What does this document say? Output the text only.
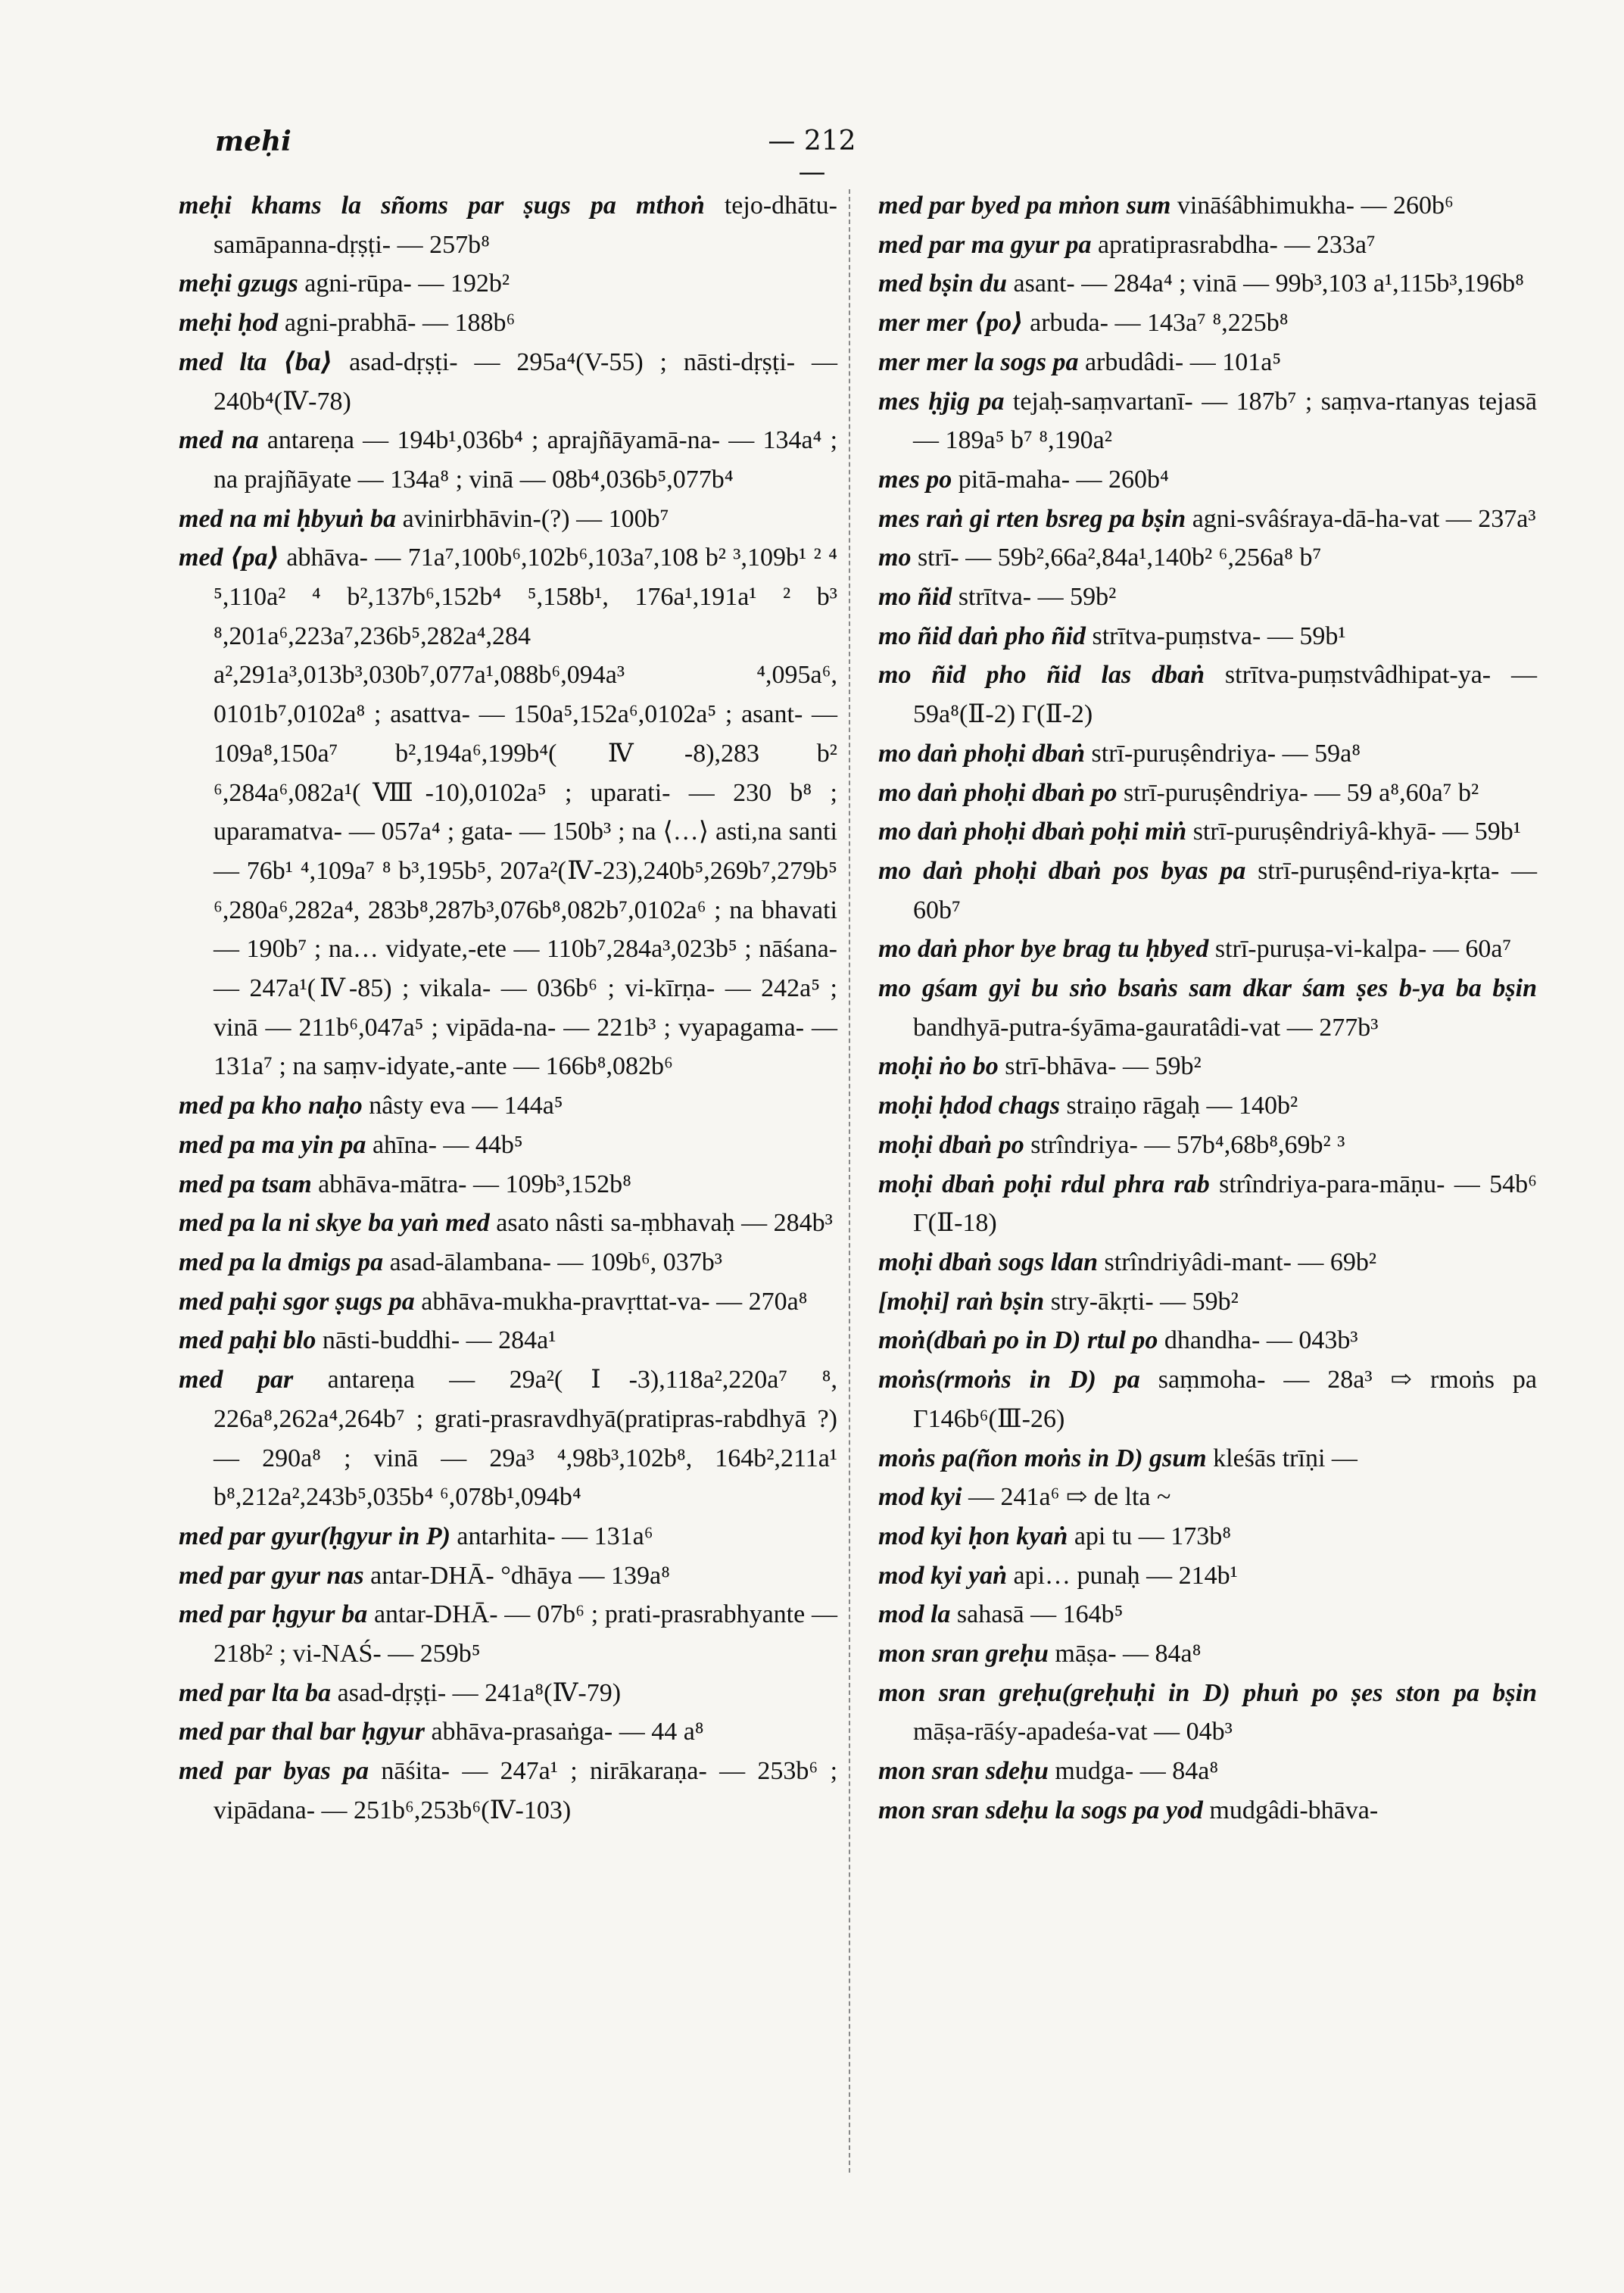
meḥi	— 212 —
meḥi khams la sñoms par ṣugs pa mthoṅ tejo-dhātu-samāpanna-dṛṣṭi- — 257b⁸
meḥi gzugs agni-rūpa- — 192b²
meḥi ḥod agni-prabhā- — 188b⁶
med lta ⟨ba⟩ asad-dṛṣṭi- — 295a⁴(V-55) ; nāsti-dṛṣṭi- — 240b⁴(Ⅳ-78)
med na antareṇa — 194b¹,036b⁴ ; aprajñāyamā-na- — 134a⁴ ; na prajñāyate — 134a⁸ ; vinā — 08b⁴,036b⁵,077b⁴
med na mi ḥbyuṅ ba avinirbhāvin-(?) — 100b⁷
med ⟨pa⟩ abhāva- — 71a⁷,100b⁶,102b⁶,103a⁷,108 b² ³,109b¹ ² ⁴ ⁵,110a² ⁴ b²,137b⁶,152b⁴ ⁵,158b¹, 176a¹,191a¹ ² b³ ⁸,201a⁶,223a⁷,236b⁵,282a⁴,284 a²,291a³,013b³,030b⁷,077a¹,088b⁶,094a³ ⁴,095a⁶, 0101b⁷,0102a⁸ ; asattva- — 150a⁵,152a⁶,0102a⁵ ; asant- — 109a⁸,150a⁷ b²,194a⁶,199b⁴(Ⅳ-8),283 b² ⁶,284a⁶,082a¹(Ⅷ-10),0102a⁵ ; uparati- — 230 b⁸ ; uparamatva- — 057a⁴ ; gata- — 150b³ ; na ⟨…⟩ asti,na santi — 76b¹ ⁴,109a⁷ ⁸ b³,195b⁵, 207a²(Ⅳ-23),240b⁵,269b⁷,279b⁵ ⁶,280a⁶,282a⁴, 283b⁸,287b³,076b⁸,082b⁷,0102a⁶ ; na bhavati — 190b⁷ ; na… vidyate,-ete — 110b⁷,284a³,023b⁵ ; nāśana- — 247a¹(Ⅳ-85) ; vikala- — 036b⁶ ; vi-kīrṇa- — 242a⁵ ; vinā — 211b⁶,047a⁵ ; vipāda-na- — 221b³ ; vyapagama- — 131a⁷ ; na saṃv-idyate,-ante — 166b⁸,082b⁶
med pa kho naḥo nâsty eva — 144a⁵
med pa ma yin pa ahīna- — 44b⁵
med pa tsam abhāva-mātra- — 109b³,152b⁸
med pa la ni skye ba yaṅ med asato nâsti sa-ṃbhavaḥ — 284b³
med pa la dmigs pa asad-ālambana- — 109b⁶, 037b³
med paḥi sgor ṣugs pa abhāva-mukha-pravṛttat-va- — 270a⁸
med paḥi blo nāsti-buddhi- — 284a¹
med par antareṇa — 29a²(Ⅰ-3),118a²,220a⁷ ⁸, 226a⁸,262a⁴,264b⁷ ; grati-prasravdhyā(pratipras-rabdhyā ?) — 290a⁸ ; vinā — 29a³ ⁴,98b³,102b⁸, 164b²,211a¹ b⁸,212a²,243b⁵,035b⁴ ⁶,078b¹,094b⁴
med par gyur(ḥgyur in P) antarhita- — 131a⁶
med par gyur nas antar-DHĀ- °dhāya — 139a⁸
med par ḥgyur ba antar-DHĀ- — 07b⁶ ; prati-prasrabhyante — 218b² ; vi-NAŚ- — 259b⁵
med par lta ba asad-dṛṣṭi- — 241a⁸(Ⅳ-79)
med par thal bar ḥgyur abhāva-prasaṅga- — 44 a⁸
med par byas pa nāśita- — 247a¹ ; nirākaraṇa- — 253b⁶ ; vipādana- — 251b⁶,253b⁶(Ⅳ-103)
med par byed pa mṅon sum vināśâbhimukha- — 260b⁶
med par ma gyur pa apratiprasrabdha- — 233a⁷
med bṣin du asant- — 284a⁴ ; vinā — 99b³,103 a¹,115b³,196b⁸
mer mer ⟨po⟩ arbuda- — 143a⁷ ⁸,225b⁸
mer mer la sogs pa arbudâdi- — 101a⁵
mes ḥjig pa tejaḥ-saṃvartanī- — 187b⁷ ; saṃva-rtanyas tejasā — 189a⁵ b⁷ ⁸,190a²
mes po pitā-maha- — 260b⁴
mes raṅ gi rten bsreg pa bṣin agni-svâśraya-dā-ha-vat — 237a³
mo strī- — 59b²,66a²,84a¹,140b² ⁶,256a⁸ b⁷
mo ñid strītva- — 59b²
mo ñid daṅ pho ñid strītva-puṃstva- — 59b¹
mo ñid pho ñid las dbaṅ strītva-puṃstvâdhipat-ya- — 59a⁸(Ⅱ-2) Γ(Ⅱ-2)
mo daṅ phoḥi dbaṅ strī-puruṣêndriya- — 59a⁸
mo daṅ phoḥi dbaṅ po strī-puruṣêndriya- — 59 a⁸,60a⁷ b²
mo daṅ phoḥi dbaṅ poḥi miṅ strī-puruṣêndriyâ-khyā- — 59b¹
mo daṅ phoḥi dbaṅ pos byas pa strī-puruṣênd-riya-kṛta- — 60b⁷
mo daṅ phor bye brag tu ḥbyed strī-puruṣa-vi-kalpa- — 60a⁷
mo gśam gyi bu sṅo bsaṅs sam dkar śam ṣes b-ya ba bṣin bandhyā-putra-śyāma-gauratâdi-vat — 277b³
moḥi ṅo bo strī-bhāva- — 59b²
moḥi ḥdod chags straiṇo rāgaḥ — 140b²
moḥi dbaṅ po strîndriya- — 57b⁴,68b⁸,69b² ³
moḥi dbaṅ poḥi rdul phra rab strîndriya-para-māṇu- — 54b⁶ Γ(Ⅱ-18)
moḥi dbaṅ sogs ldan strîndriyâdi-mant- — 69b²
[moḥi] raṅ bṣin stry-ākṛti- — 59b²
moṅ(dbaṅ po in D) rtul po dhandha- — 043b³
moṅs(rmoṅs in D) pa saṃmoha- — 28a³ ⇨ rmoṅs pa Γ146b⁶(Ⅲ-26)
moṅs pa(ñon moṅs in D) gsum kleśās trīṇi —
mod kyi — 241a⁶ ⇨ de lta ~
mod kyi ḥon kyaṅ api tu — 173b⁸
mod kyi yaṅ api… punaḥ — 214b¹
mod la sahasā — 164b⁵
mon sran greḥu māṣa- — 84a⁸
mon sran greḥu(greḥuḥi in D) phuṅ po ṣes ston pa bṣin māṣa-rāśy-apadeśa-vat — 04b³
mon sran sdeḥu mudga- — 84a⁸
mon sran sdeḥu la sogs pa yod mudgâdi-bhāva-
